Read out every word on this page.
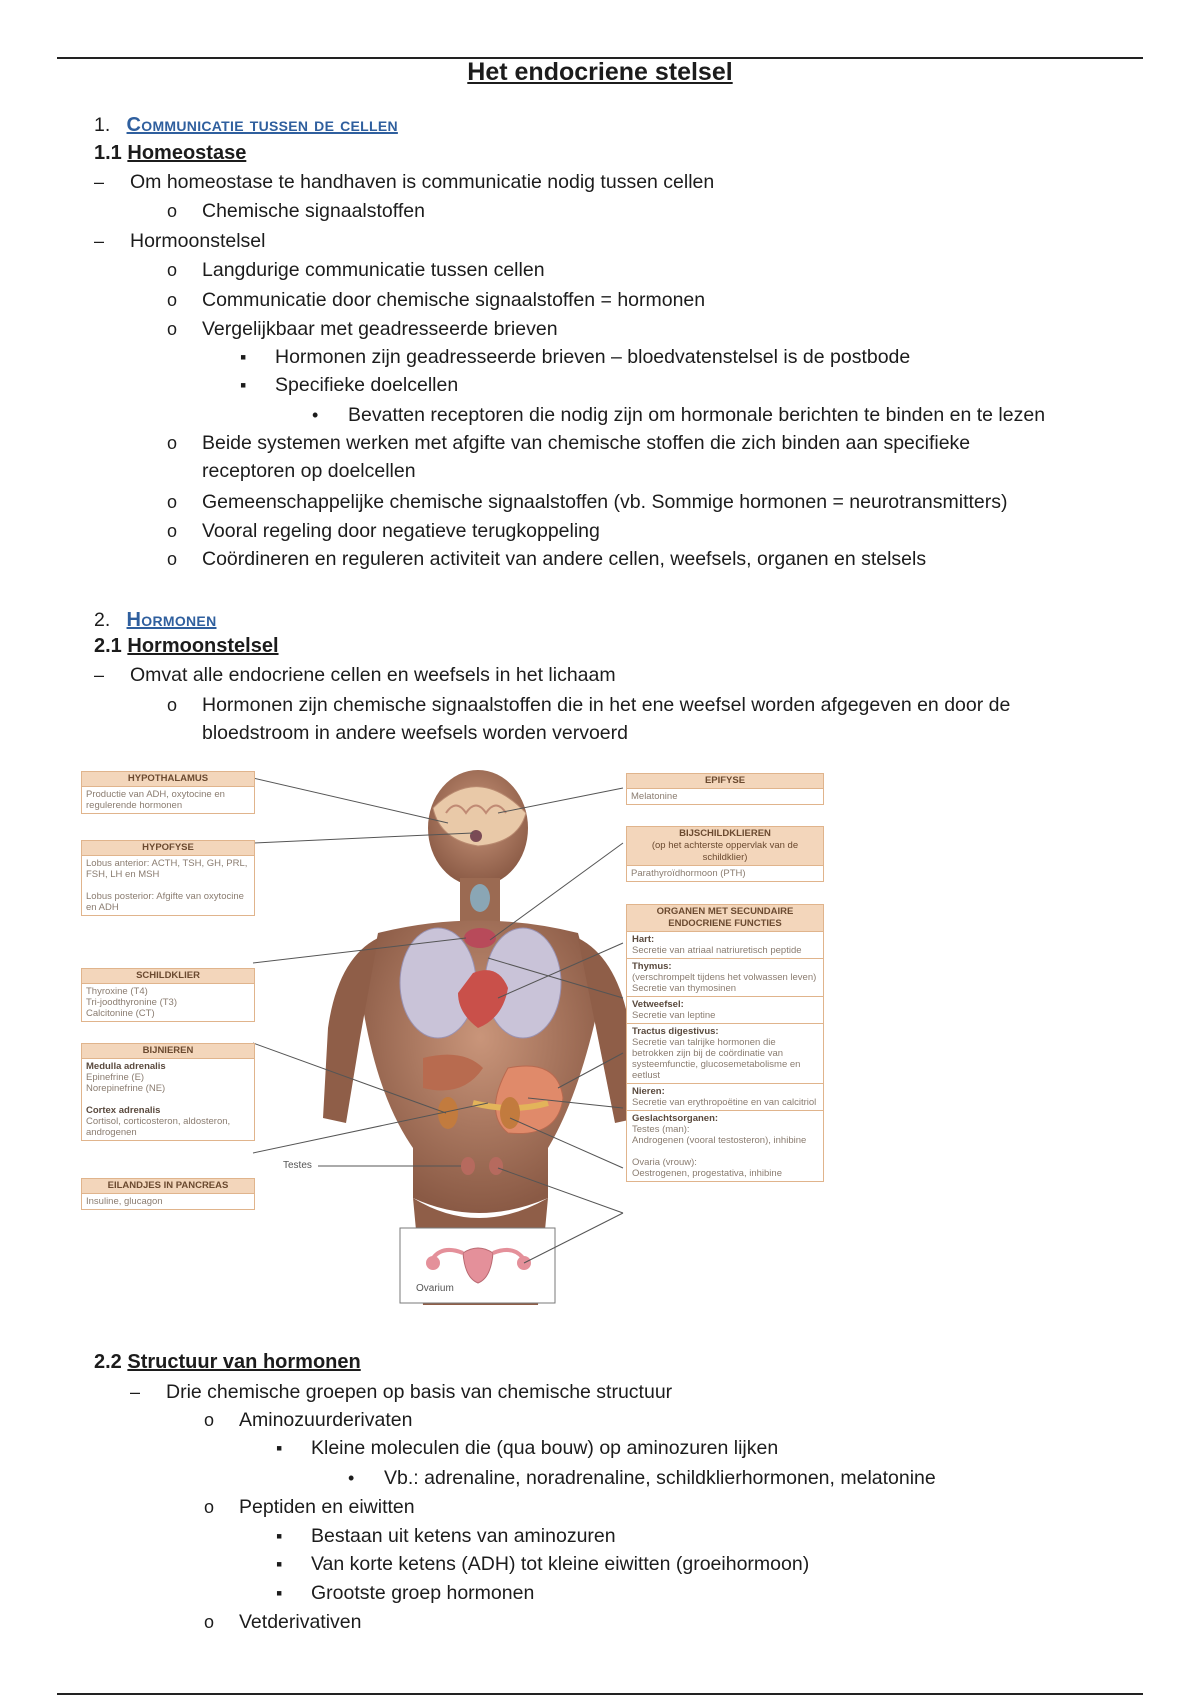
Het endocriene stelsel
1. Communicatie tussen de cellen
1.1 Homeostase
– Om homeostase te handhaven is communicatie nodig tussen cellen
o Chemische signaalstoffen
– Hormoonstelsel
o Langdurige communicatie tussen cellen
o Communicatie door chemische signaalstoffen = hormonen
o Vergelijkbaar met geadresseerde brieven
▪ Hormonen zijn geadresseerde brieven – bloedvatenstelsel is de postbode
▪ Specifieke doelcellen
• Bevatten receptoren die nodig zijn om hormonale berichten te binden en te lezen
o Beide systemen werken met afgifte van chemische stoffen die zich binden aan specifieke receptoren op doelcellen
o Gemeenschappelijke chemische signaalstoffen (vb. Sommige hormonen = neurotransmitters)
o Vooral regeling door negatieve terugkoppeling
o Coördineren en reguleren activiteit van andere cellen, weefsels, organen en stelsels
2. Hormonen
2.1 Hormoonstelsel
– Omvat alle endocriene cellen en weefsels in het lichaam
o Hormonen zijn chemische signaalstoffen die in het ene weefsel worden afgegeven en door de bloedstroom in andere weefsels worden vervoerd
HYPOTHALAMUS
Productie van ADH, oxytocine en regulerende hormonen
HYPOFYSE
Lobus anterior: ACTH, TSH, GH, PRL, FSH, LH en MSH

Lobus posterior: Afgifte van oxytocine en ADH
SCHILDKLIER
Thyroxine (T4)
Tri-joodthyronine (T3)
Calcitonine (CT)
BIJNIEREN
Medulla adrenalis
Epinefrine (E)
Norepinefrine (NE)

Cortex adrenalis
Cortisol, corticosteron, aldosteron, androgenen
EILANDJES IN PANCREAS
Insuline, glucagon
Testes
Ovarium
EPIFYSE
Melatonine
BIJSCHILDKLIEREN
(op het achterste oppervlak van de schildklier)
Parathyroïdhormoon (PTH)
ORGANEN MET SECUNDAIRE ENDOCRIENE FUNCTIES
Hart:
Secretie van atriaal natriuretisch peptide
Thymus:
(verschrompelt tijdens het volwassen leven)
Secretie van thymosinen
Vetweefsel:
Secretie van leptine
Tractus digestivus:
Secretie van talrijke hormonen die betrokken zijn bij de coördinatie van systeemfunctie, glucosemetabolisme en eetlust
Nieren:
Secretie van erythropoëtine en van calcitriol
Geslachtsorganen:
Testes (man):
Androgenen (vooral testosteron), inhibine

Ovaria (vrouw):
Oestrogenen, progestativa, inhibine
2.2 Structuur van hormonen
– Drie chemische groepen op basis van chemische structuur
o Aminozuurderivaten
▪ Kleine moleculen die (qua bouw) op aminozuren lijken
• Vb.: adrenaline, noradrenaline, schildklierhormonen, melatonine
o Peptiden en eiwitten
▪ Bestaan uit ketens van aminozuren
▪ Van korte ketens (ADH) tot kleine eiwitten (groeihormoon)
▪ Grootste groep hormonen
o Vetderivativen
